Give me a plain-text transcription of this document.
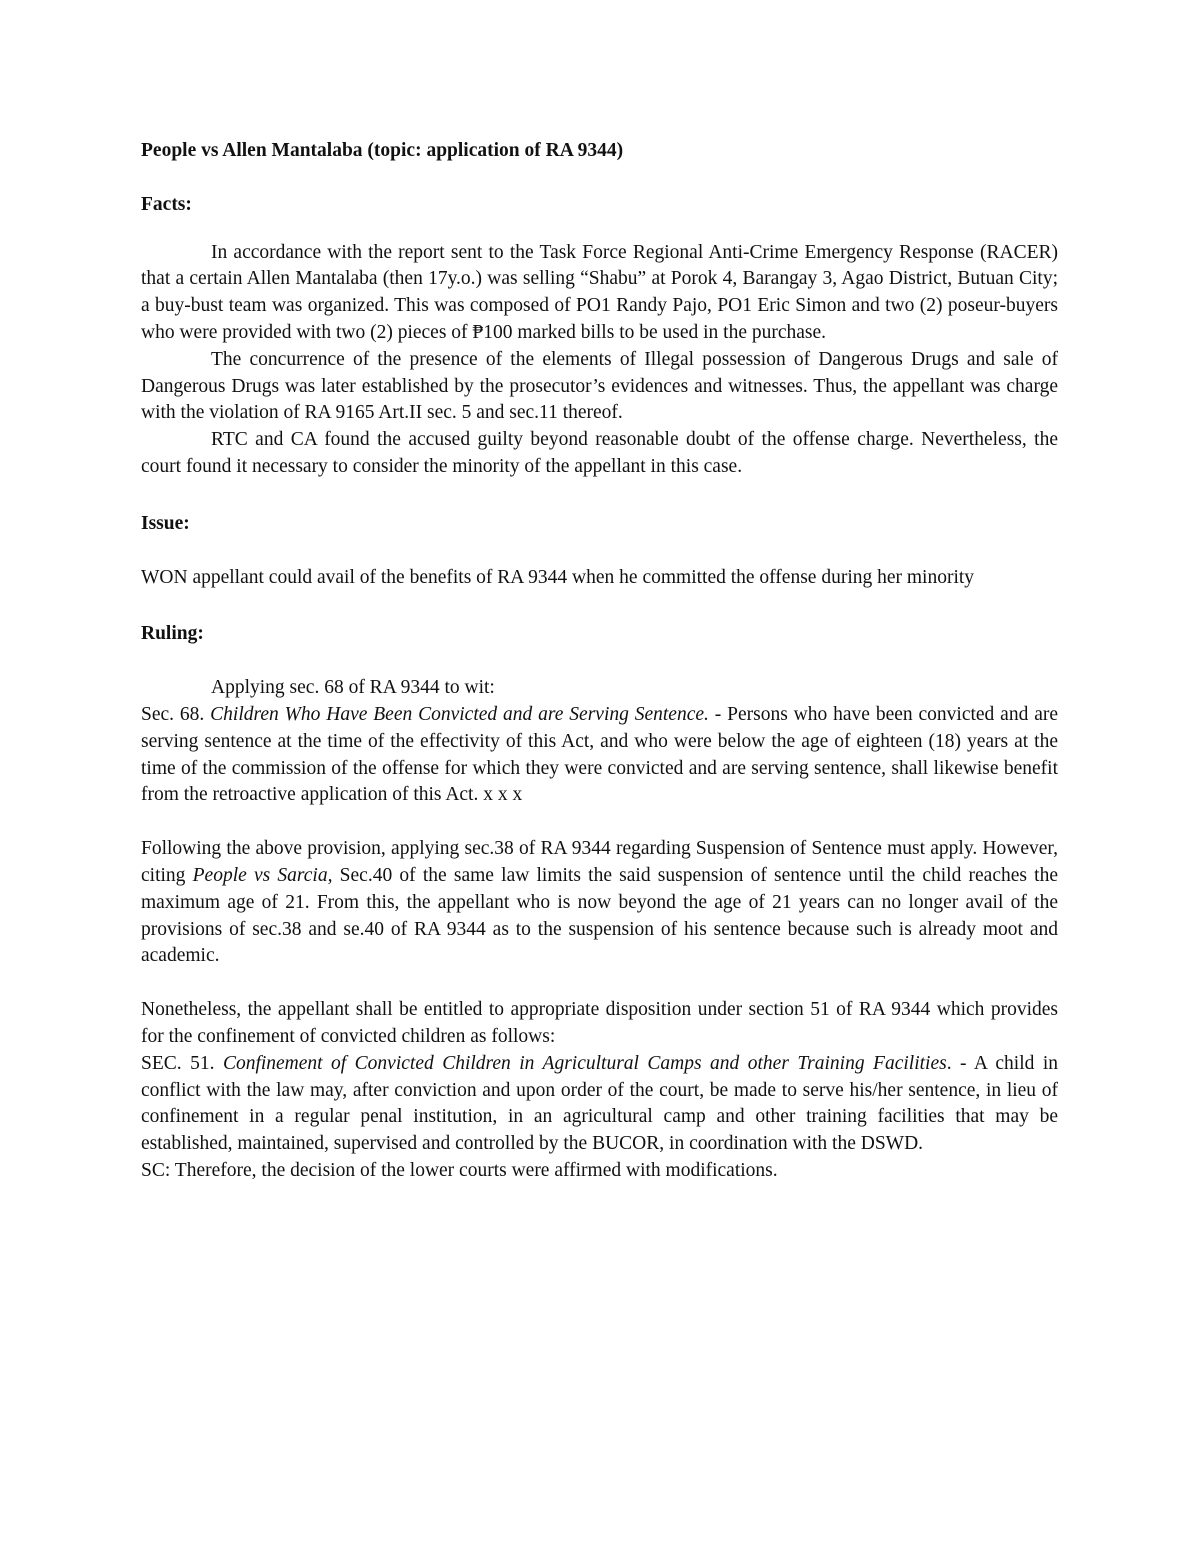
People vs Allen Mantalaba (topic: application of RA 9344)

Facts:

In accordance with the report sent to the Task Force Regional Anti-Crime Emergency Response (RACER) that a certain Allen Mantalaba (then 17y.o.) was selling “Shabu” at Porok 4, Barangay 3, Agao District, Butuan City; a buy-bust team was organized. This was composed of PO1 Randy Pajo, PO1 Eric Simon and two (2) poseur-buyers who were provided with two (2) pieces of ₱100 marked bills to be used in the purchase.

The concurrence of the presence of the elements of Illegal possession of Dangerous Drugs and sale of Dangerous Drugs was later established by the prosecutor’s evidences and witnesses. Thus, the appellant was charge with the violation of RA 9165 Art.II sec. 5 and sec.11 thereof.

RTC and CA found the accused guilty beyond reasonable doubt of the offense charge. Nevertheless, the court found it necessary to consider the minority of the appellant in this case.

Issue:

WON appellant could avail of the benefits of RA 9344 when he committed the offense during her minority

Ruling:

Applying sec. 68 of RA 9344 to wit:

Sec. 68. Children Who Have Been Convicted and are Serving Sentence. - Persons who have been convicted and are serving sentence at the time of the effectivity of this Act, and who were below the age of eighteen (18) years at the time of the commission of the offense for which they were convicted and are serving sentence, shall likewise benefit from the retroactive application of this Act. x x x

Following the above provision, applying sec.38 of RA 9344 regarding Suspension of Sentence must apply. However, citing People vs Sarcia, Sec.40 of the same law limits the said suspension of sentence until the child reaches the maximum age of 21. From this, the appellant who is now beyond the age of 21 years can no longer avail of the provisions of sec.38 and se.40 of RA 9344 as to the suspension of his sentence because such is already moot and academic.

Nonetheless, the appellant shall be entitled to appropriate disposition under section 51 of RA 9344 which provides for the confinement of convicted children as follows:

SEC. 51. Confinement of Convicted Children in Agricultural Camps and other Training Facilities. - A child in conflict with the law may, after conviction and upon order of the court, be made to serve his/her sentence, in lieu of confinement in a regular penal institution, in an agricultural camp and other training facilities that may be established, maintained, supervised and controlled by the BUCOR, in coordination with the DSWD.

SC: Therefore, the decision of the lower courts were affirmed with modifications.
